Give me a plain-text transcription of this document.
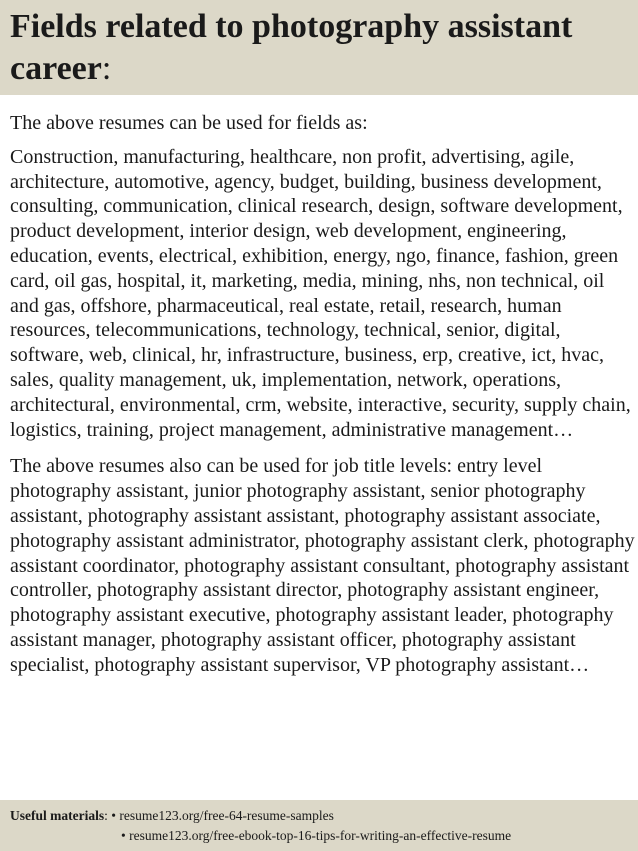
Fields related to photography assistant career:

The above resumes can be used for fields as:

Construction, manufacturing, healthcare, non profit, advertising, agile, architecture, automotive, agency, budget, building, business development, consulting, communication, clinical research, design, software development, product development, interior design, web development, engineering, education, events, electrical, exhibition, energy, ngo, finance, fashion, green card, oil gas, hospital, it, marketing, media, mining, nhs, non technical, oil and gas, offshore, pharmaceutical, real estate, retail, research, human resources, telecommunications, technology, technical, senior, digital, software, web, clinical, hr, infrastructure, business, erp, creative, ict, hvac, sales, quality management, uk, implementation, network, operations, architectural, environmental, crm, website, interactive, security, supply chain, logistics, training, project management, administrative management…

The above resumes also can be used for job title levels: entry level photography assistant, junior photography assistant, senior photography assistant, photography assistant assistant, photography assistant associate, photography assistant administrator, photography assistant clerk, photography assistant coordinator, photography assistant consultant, photography assistant controller, photography assistant director, photography assistant engineer, photography assistant executive, photography assistant leader, photography assistant manager, photography assistant officer, photography assistant specialist, photography assistant supervisor, VP photography assistant…

Useful materials: • resume123.org/free-64-resume-samples
• resume123.org/free-ebook-top-16-tips-for-writing-an-effective-resume
